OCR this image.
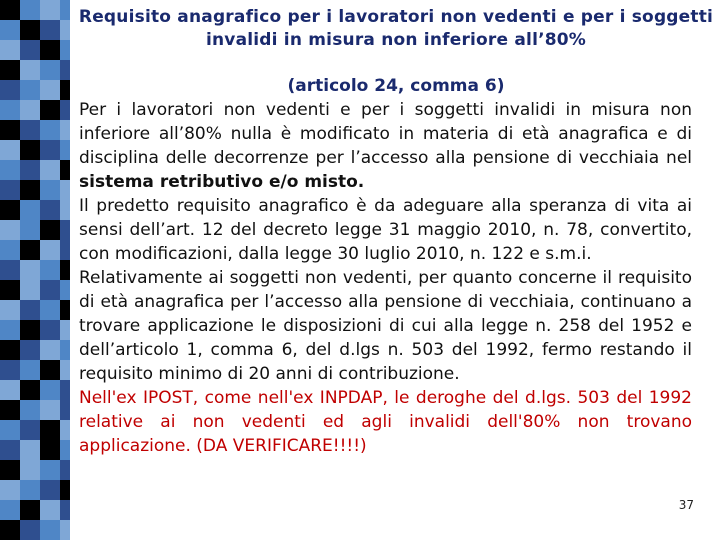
Requisito anagrafico per i lavoratori non vedenti e per i soggetti invalidi in misura non inferiore all’80%
(articolo 24, comma 6)

Per i lavoratori non vedenti e per i soggetti invalidi in misura non inferiore all’80% nulla è modificato in materia di età anagrafica e di disciplina delle decorrenze per l’accesso alla pensione di vecchiaia nel sistema retributivo e/o misto.

Il predetto requisito anagrafico è da adeguare alla speranza di vita ai sensi dell’art. 12 del decreto legge 31 maggio 2010, n. 78, convertito, con modificazioni, dalla legge 30 luglio 2010, n. 122 e s.m.i.

Relativamente ai soggetti non vedenti, per quanto concerne il requisito di età anagrafica per l’accesso alla pensione di vecchiaia, continuano a trovare applicazione le disposizioni di cui alla legge n. 258 del 1952 e dell’articolo 1, comma 6, del d.lgs n. 503 del 1992, fermo restando il requisito minimo di 20 anni di contribuzione.

Nell'ex IPOST, come nell'ex INPDAP, le deroghe del d.lgs. 503 del 1992 relative ai non vedenti ed agli invalidi dell'80% non trovano applicazione. (DA VERIFICARE!!!!)

37
